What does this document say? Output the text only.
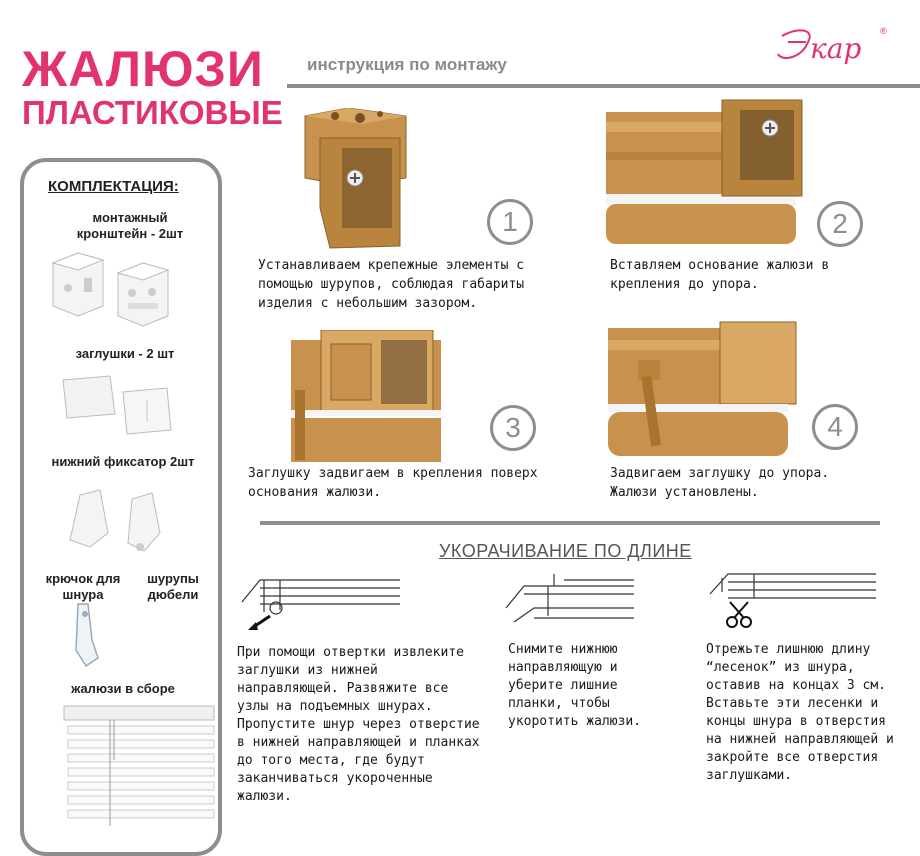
ЖАЛЮЗИ
ПЛАСТИКОВЫЕ
инструкция по монтажу	кар
®
КОМПЛЕКТАЦИЯ:
монтажный кронштейн - 2шт
заглушки - 2 шт
нижний фиксатор 2шт
крючок для шнура
шурупы дюбели
жалюзи в сборе
1
Устанавливаем крепежные элементы с помощью шурупов, соблюдая габариты изделия с небольшим зазором.
2
Вставляем основание жалюзи в крепления до упора.
3
Заглушку задвигаем в крепления поверх основания жалюзи.
4
Задвигаем заглушку до упора. Жалюзи установлены.
УКОРАЧИВАНИЕ ПО ДЛИНЕ
При помощи отвертки извлеките заглушки из нижней направляющей. Развяжите все узлы на подъемных шнурах. Пропустите шнур через отверстие в нижней направляющей и планках до того места, где будут заканчиваться укороченные жалюзи.
Снимите нижнюю направляющую и уберите лишние планки, чтобы укоротить жалюзи.
Отрежьте лишнюю длину “лесенок” из шнура, оставив на концах 3 см. Вставьте эти лесенки и концы шнура в отверстия на нижней направляющей и закройте все отверстия заглушками.
